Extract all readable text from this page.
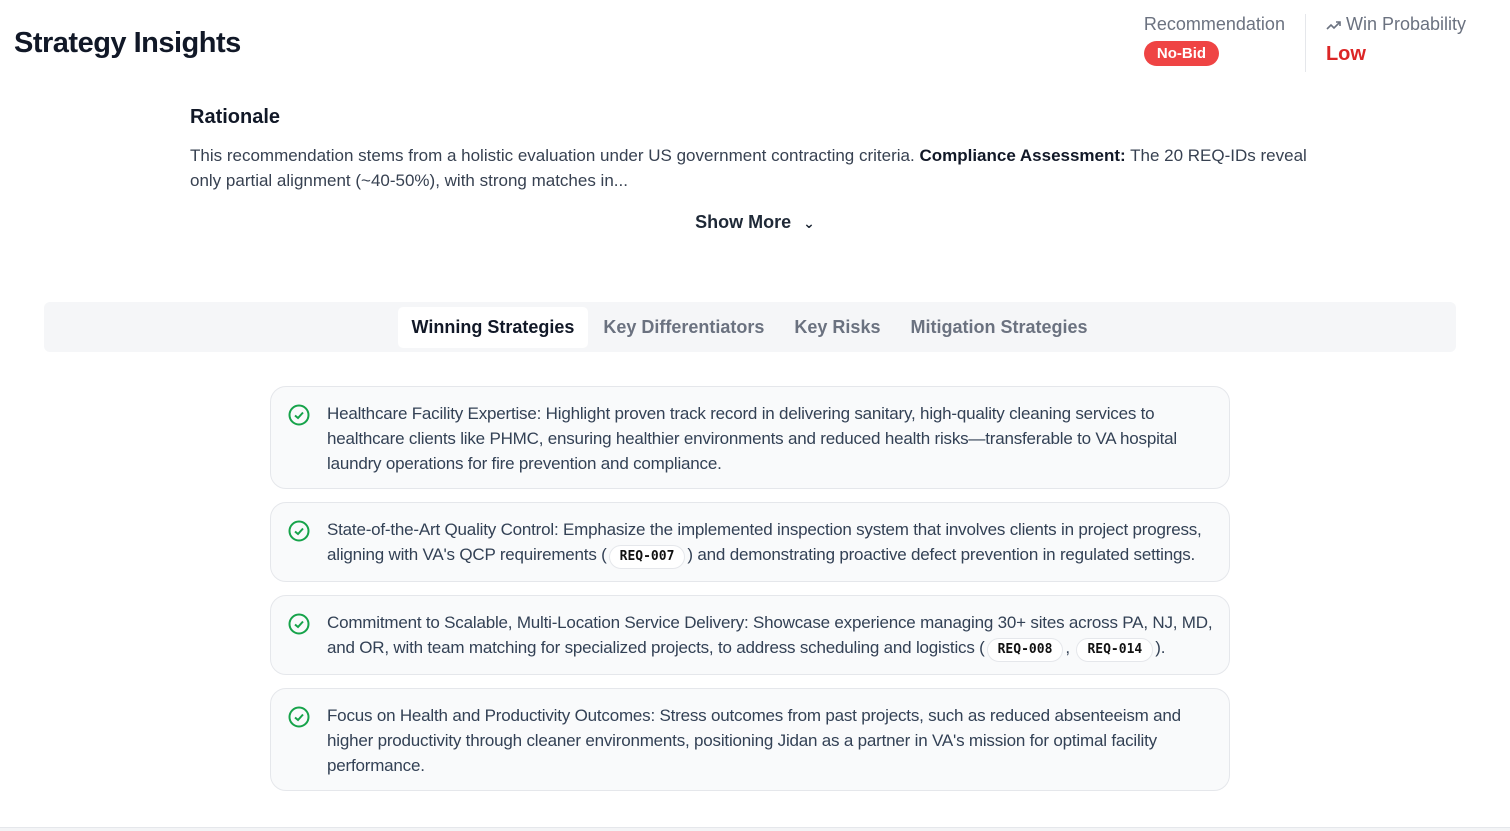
Strategy Insights
Recommendation
No-Bid
Win Probability
Low
Rationale

This recommendation stems from a holistic evaluation under US government contracting criteria. Compliance Assessment: The 20 REQ-IDs reveal only partial alignment (~40-50%), with strong matches in...

Show More ⌄
Winning Strategies	Key Differentiators	Key Risks	Mitigation Strategies
Healthcare Facility Expertise: Highlight proven track record in delivering sanitary, high-quality cleaning services to healthcare clients like PHMC, ensuring healthier environments and reduced health risks—transferable to VA hospital laundry operations for fire prevention and compliance.
State-of-the-Art Quality Control: Emphasize the implemented inspection system that involves clients in project progress, aligning with VA's QCP requirements ( REQ-007 ) and demonstrating proactive defect prevention in regulated settings.
Commitment to Scalable, Multi-Location Service Delivery: Showcase experience managing 30+ sites across PA, NJ, MD, and OR, with team matching for specialized projects, to address scheduling and logistics ( REQ-008 , REQ-014 ).
Focus on Health and Productivity Outcomes: Stress outcomes from past projects, such as reduced absenteeism and higher productivity through cleaner environments, positioning Jidan as a partner in VA's mission for optimal facility performance.
